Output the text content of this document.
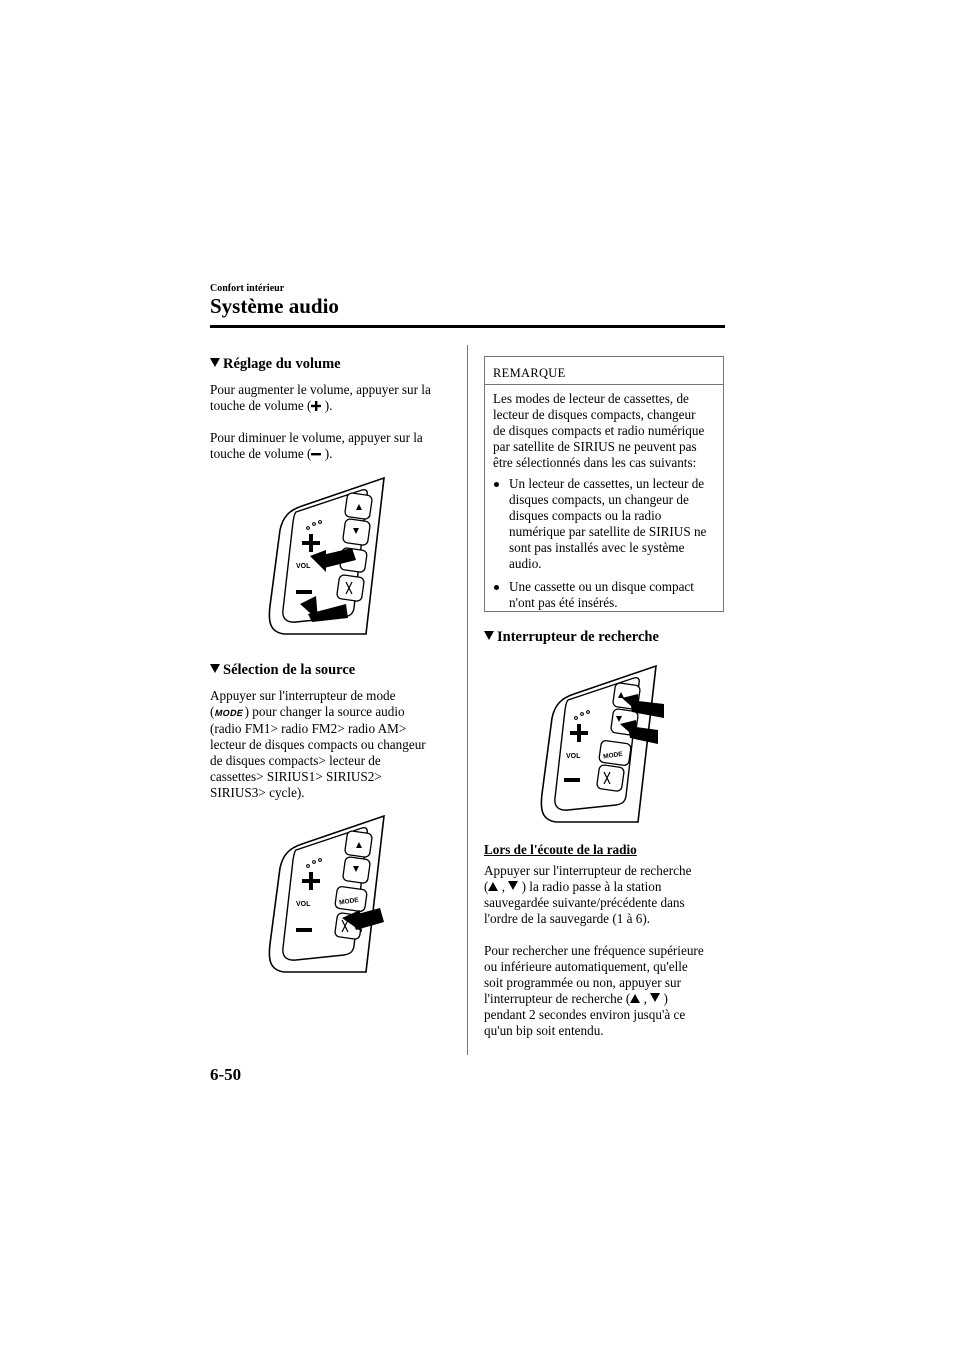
Confort intérieur
Système audio
Réglage du volume

Pour augmenter le volume, appuyer sur la

touche de volume ( ).

Pour diminuer le volume, appuyer sur la

touche de volume ( ).

VOL
Sélection de la source

Appuyer sur l'interrupteur de mode

(MODE) pour changer la source audio

(radio FM1> radio FM2> radio AM>

lecteur de disques compacts ou changeur

de disques compacts> lecteur de

cassettes> SIRIUS1> SIRIUS2>

SIRIUS3> cycle).

MODE
VOL
REMARQUE

Les modes de lecteur de cassettes, de

lecteur de disques compacts, changeur

de disques compacts et radio numérique

par satellite de SIRIUS ne peuvent pas

être sélectionnés dans les cas suivants:

Un lecteur de cassettes, un lecteur de

disques compacts, un changeur de

disques compacts ou la radio

numérique par satellite de SIRIUS ne

sont pas installés avec le système

audio.

Une cassette ou un disque compact

n'ont pas été insérés.

Interrupteur de recherche
MODE
VOL

Lors de l'écoute de la radio

Appuyer sur l'interrupteur de recherche

( , ) la radio passe à la station

sauvegardée suivante/précédente dans

l'ordre de la sauvegarde (1 à 6).

Pour rechercher une fréquence supérieure

ou inférieure automatiquement, qu'elle

soit programmée ou non, appuyer sur

l'interrupteur de recherche ( , )

pendant 2 secondes environ jusqu'à ce

qu'un bip soit entendu.

6-50
